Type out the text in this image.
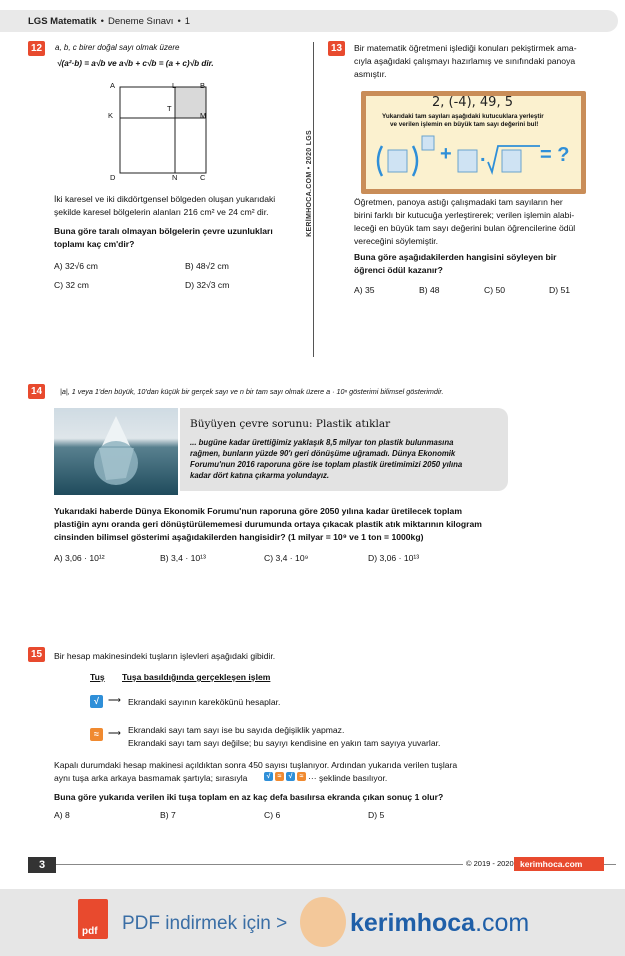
LGS Matematik • Deneme Sınavı • 1
KERİMHOCA.COM • 2020 LGS
12	a, b, c birer doğal sayı olmak üzere
√(a²·b) = a√b ve a√b + c√b = (a + c)√b dir.
A	L	B
K
T
M
D	N	C
İki karesel ve iki dikdörtgensel bölgeden oluşan yukarıdaki
şekilde karesel bölgelerin alanları 216 cm² ve 24 cm² dir.
Buna göre taralı olmayan bölgelerin çevre uzunlukları
toplamı kaç cm'dir?
A) 32√6 cm	B) 48√2 cm
C) 32 cm	D) 32√3 cm
13	Bir matematik öğretmeni işlediği konuları pekiştirmek ama-
cıyla aşağıdaki çalışmayı hazırlamış ve sınıfındaki panoya
asmıştır.
2, (-4), 49, 5
Yukarıdaki tam sayıları aşağıdaki kutucuklara yerleştir
ve verilen işlemin en büyük tam sayı değerini bul!
+ .	= ?
Öğretmen, panoya astığı çalışmadaki tam sayıların her
birini farklı bir kutucuğa yerleştirerek; verilen işlemin alabi-
leceği en büyük tam sayı değerini bulan öğrencilerine ödül
vereceğini söylemiştir.
Buna göre aşağıdakilerden hangisini söyleyen bir
öğrenci ödül kazanır?
A) 35	B) 48	C) 50	D) 51
14	|a|, 1 veya 1'den büyük, 10'dan küçük bir gerçek sayı ve n bir tam sayı olmak üzere a · 10ⁿ gösterimi bilimsel gösterimdir.
Büyüyen çevre sorunu: Plastik atıklar
... bugüne kadar ürettiğimiz yaklaşık 8,5 milyar ton plastik bulunmasına
rağmen, bunların yüzde 90'ı geri dönüşüme uğramadı. Dünya Ekonomik
Forumu'nun 2016 raporuna göre ise toplam plastik üretimimizi 2050 yılına
kadar dört katına çıkarma yolundayız.
Yukarıdaki haberde Dünya Ekonomik Forumu'nun raporuna göre 2050 yılına kadar üretilecek toplam
plastiğin aynı oranda geri dönüştürülememesi durumunda ortaya çıkacak plastik atık miktarının kilogram
cinsinden bilimsel gösterimi aşağıdakilerden hangisidir? (1 milyar = 10⁹ ve 1 ton = 1000kg)
A) 3,06 · 10¹²	B) 3,4 · 10¹³	C) 3,4 · 10⁹	D) 3,06 · 10¹³
15	Bir hesap makinesindeki tuşların işlevleri aşağıdaki gibidir.
Tuş Tuşa basıldığında gerçekleşen işlem
√	⟶ Ekrandaki sayının karekökünü hesaplar.
≈	⟶ Ekrandaki sayı tam sayı ise bu sayıda değişiklik yapmaz.
Ekrandaki sayı tam sayı değilse; bu sayıyı kendisine en yakın tam sayıya yuvarlar.
Kapalı durumdaki hesap makinesi açıldıktan sonra 450 sayısı tuşlanıyor. Ardından yukarıda verilen tuşlara
aynı tuşa arka arkaya basmamak şartıyla; sırasıyla	√	≈	√	≈ ··· şeklinde basılıyor.
Buna göre yukarıda verilen iki tuşa toplam en az kaç defa basılırsa ekranda çıkan sonuç 1 olur?
A) 8	B) 7	C) 6	D) 5
3	© 2019 - 2020 kerimhoca.com
pdf PDF indirmek için >	kerimhoca.com
